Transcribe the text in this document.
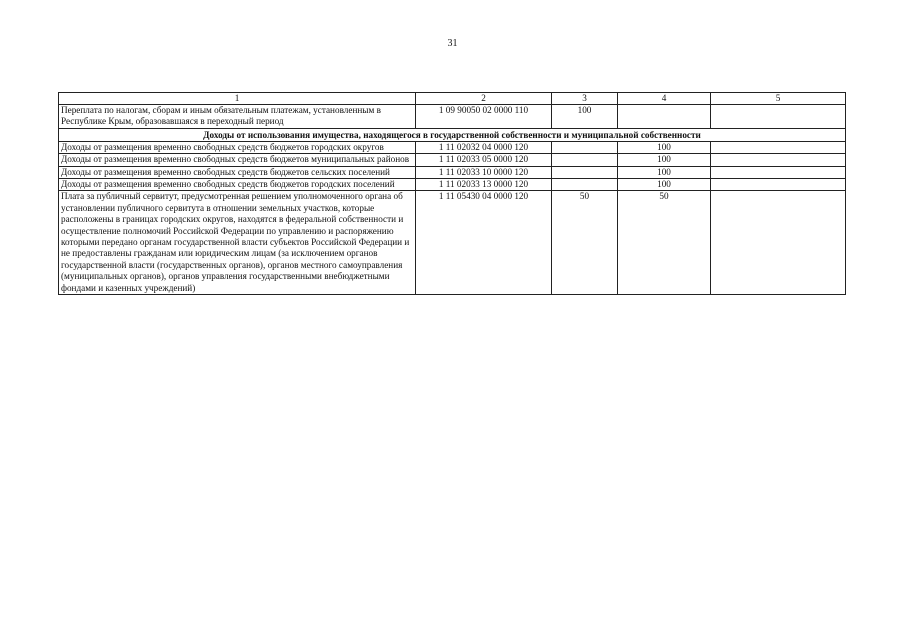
31
1	2	3	4	5
Переплата по налогам, сборам и иным обязательным платежам, установленным в Республике Крым, образовавшаяся в переходный период	1 09 90050 02 0000 110	100		
Доходы от использования имущества, находящегося в государственной собственности и муниципальной собственности				
Доходы от размещения временно свободных средств бюджетов городских округов	1 11 02032 04 0000 120		100	
Доходы от размещения временно свободных средств бюджетов муниципальных районов	1 11 02033 05 0000 120		100	
Доходы от размещения временно свободных средств бюджетов сельских поселений	1 11 02033 10 0000 120		100	
Доходы от размещения временно свободных средств бюджетов городских поселений	1 11 02033 13 0000 120		100	
Плата за публичный сервитут, предусмотренная решением уполномоченного органа об установлении публичного сервитута в отношении земельных участков, которые расположены в границах городских округов, находятся в федеральной собственности и осуществление полномочий Российской Федерации по управлению и распоряжению которыми передано органам государственной власти субъектов Российской Федерации и не предоставлены гражданам или юридическим лицам (за исключением органов государственной власти (государственных органов), органов местного самоуправления (муниципальных органов), органов управления государственными внебюджетными фондами и казенных учреждений)	1 11 05430 04 0000 120	50	50	
